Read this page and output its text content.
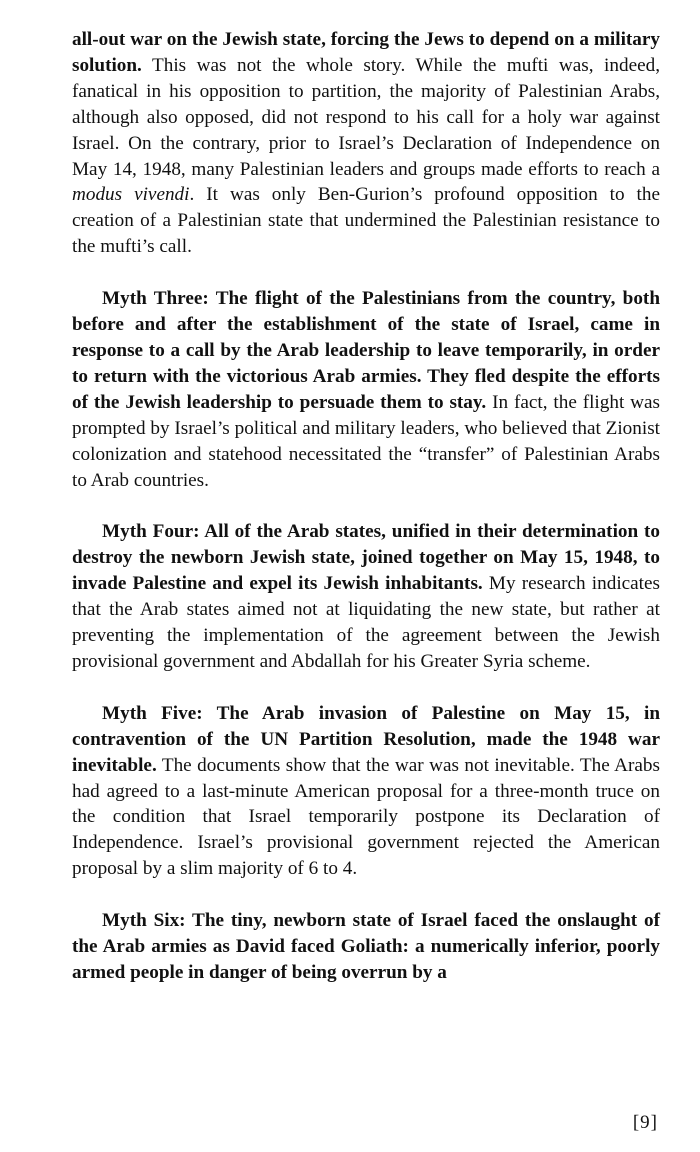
all-out war on the Jewish state, forcing the Jews to depend on a military solution. This was not the whole story. While the mufti was, indeed, fanatical in his opposition to partition, the majority of Palestinian Arabs, although also opposed, did not respond to his call for a holy war against Israel. On the contrary, prior to Israel’s Declaration of Independence on May 14, 1948, many Palestinian leaders and groups made efforts to reach a modus vivendi. It was only Ben-Gurion’s profound opposition to the creation of a Palestinian state that undermined the Palestinian resistance to the mufti’s call.

Myth Three: The flight of the Palestinians from the country, both before and after the establishment of the state of Israel, came in response to a call by the Arab leadership to leave temporarily, in order to return with the victorious Arab armies. They fled despite the efforts of the Jewish leadership to persuade them to stay. In fact, the flight was prompted by Israel’s political and military leaders, who believed that Zionist colonization and statehood necessitated the “transfer” of Palestinian Arabs to Arab countries.

Myth Four: All of the Arab states, unified in their determination to destroy the newborn Jewish state, joined together on May 15, 1948, to invade Palestine and expel its Jewish inhabitants. My research indicates that the Arab states aimed not at liquidating the new state, but rather at preventing the implementation of the agreement between the Jewish provisional government and Abdallah for his Greater Syria scheme.

Myth Five: The Arab invasion of Palestine on May 15, in contravention of the UN Partition Resolution, made the 1948 war inevitable. The documents show that the war was not inevitable. The Arabs had agreed to a last-minute American proposal for a three-month truce on the condition that Israel temporarily postpone its Declaration of Independence. Israel’s provisional government rejected the American proposal by a slim majority of 6 to 4.

Myth Six: The tiny, newborn state of Israel faced the onslaught of the Arab armies as David faced Goliath: a numerically inferior, poorly armed people in danger of being overrun by a

[9]
